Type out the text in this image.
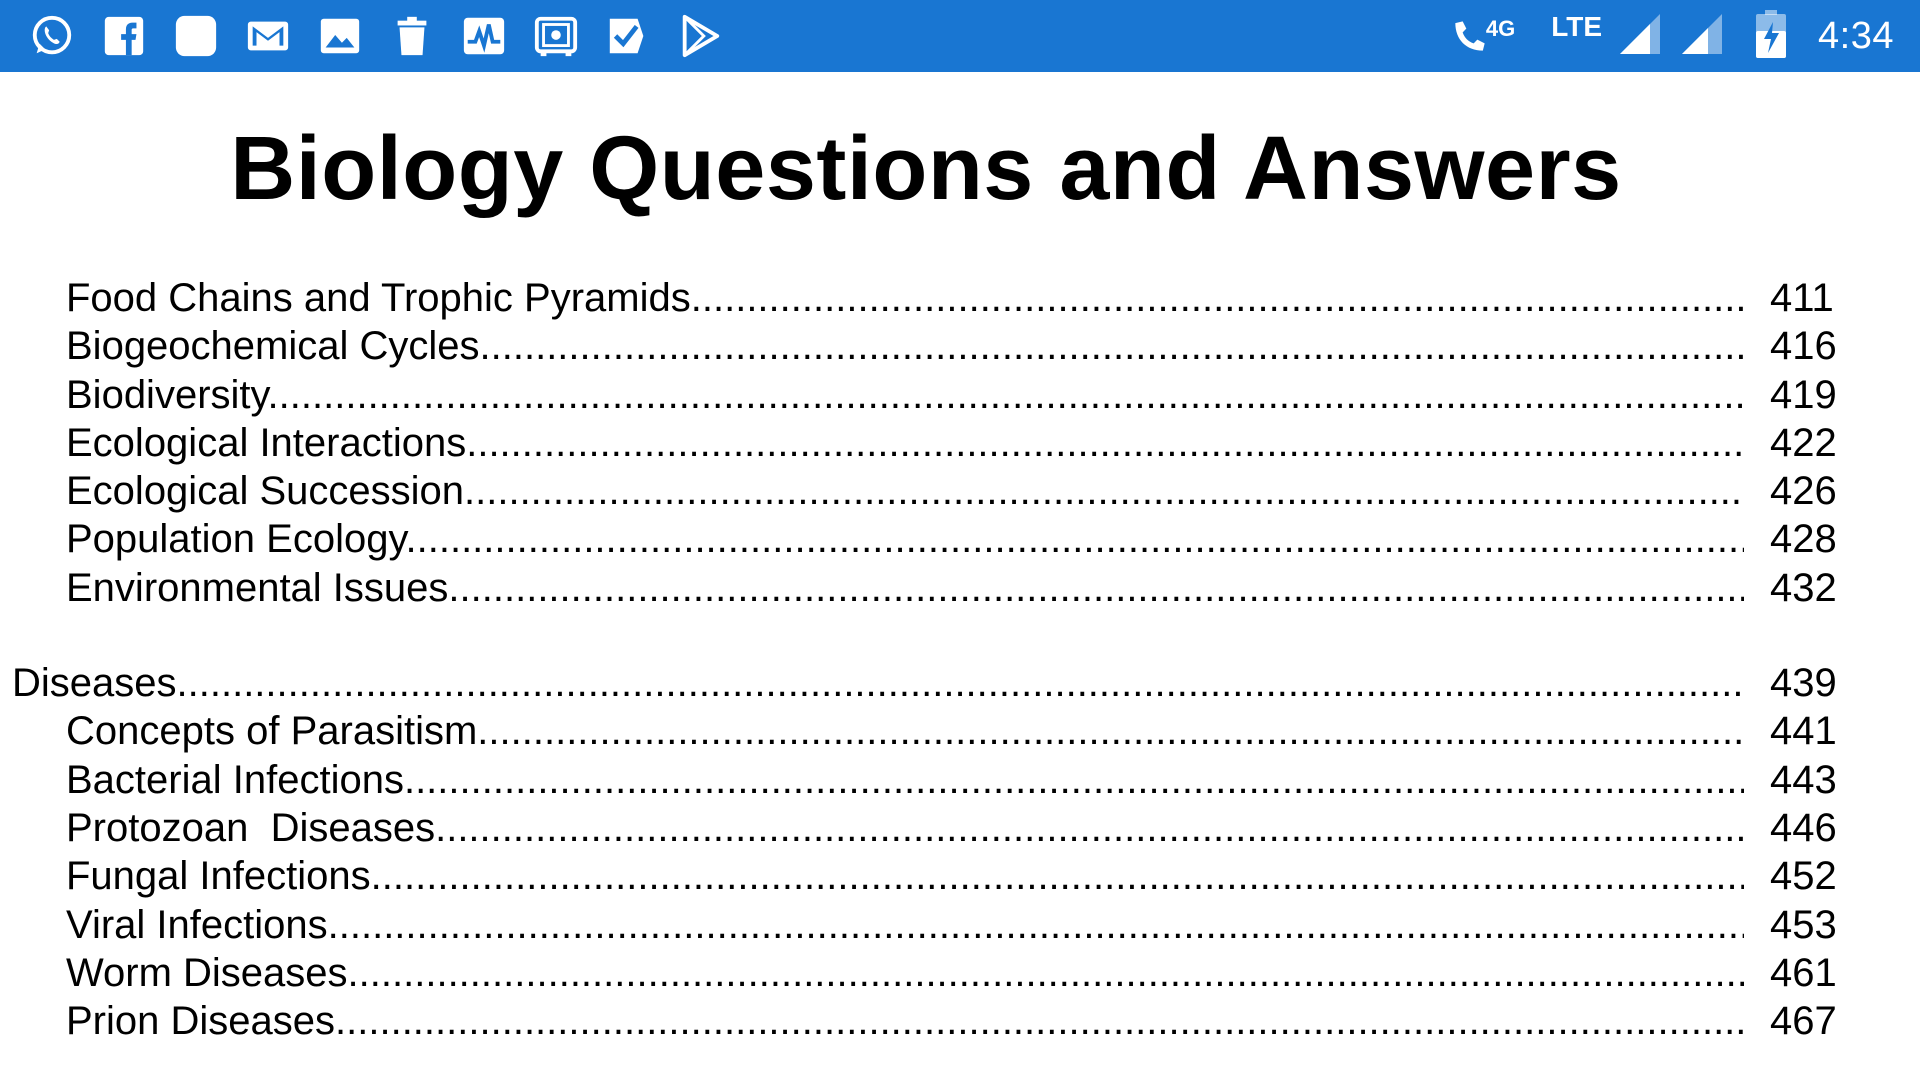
4G LTE	4:34
Biology Questions and Answers
Food Chains and Trophic Pyramids .....	411
Biogeochemical Cycles .....	416
Biodiversity .....	419
Ecological Interactions .....	422
Ecological Succession .....	426
Population Ecology .....	428
Environmental Issues .....	432
Diseases .....	439
Concepts of Parasitism .....	441
Bacterial Infections .....	443
Protozoan  Diseases .....	446
Fungal Infections .....	452
Viral Infections .....	453
Worm Diseases .....	461
Prion Diseases .....	467
